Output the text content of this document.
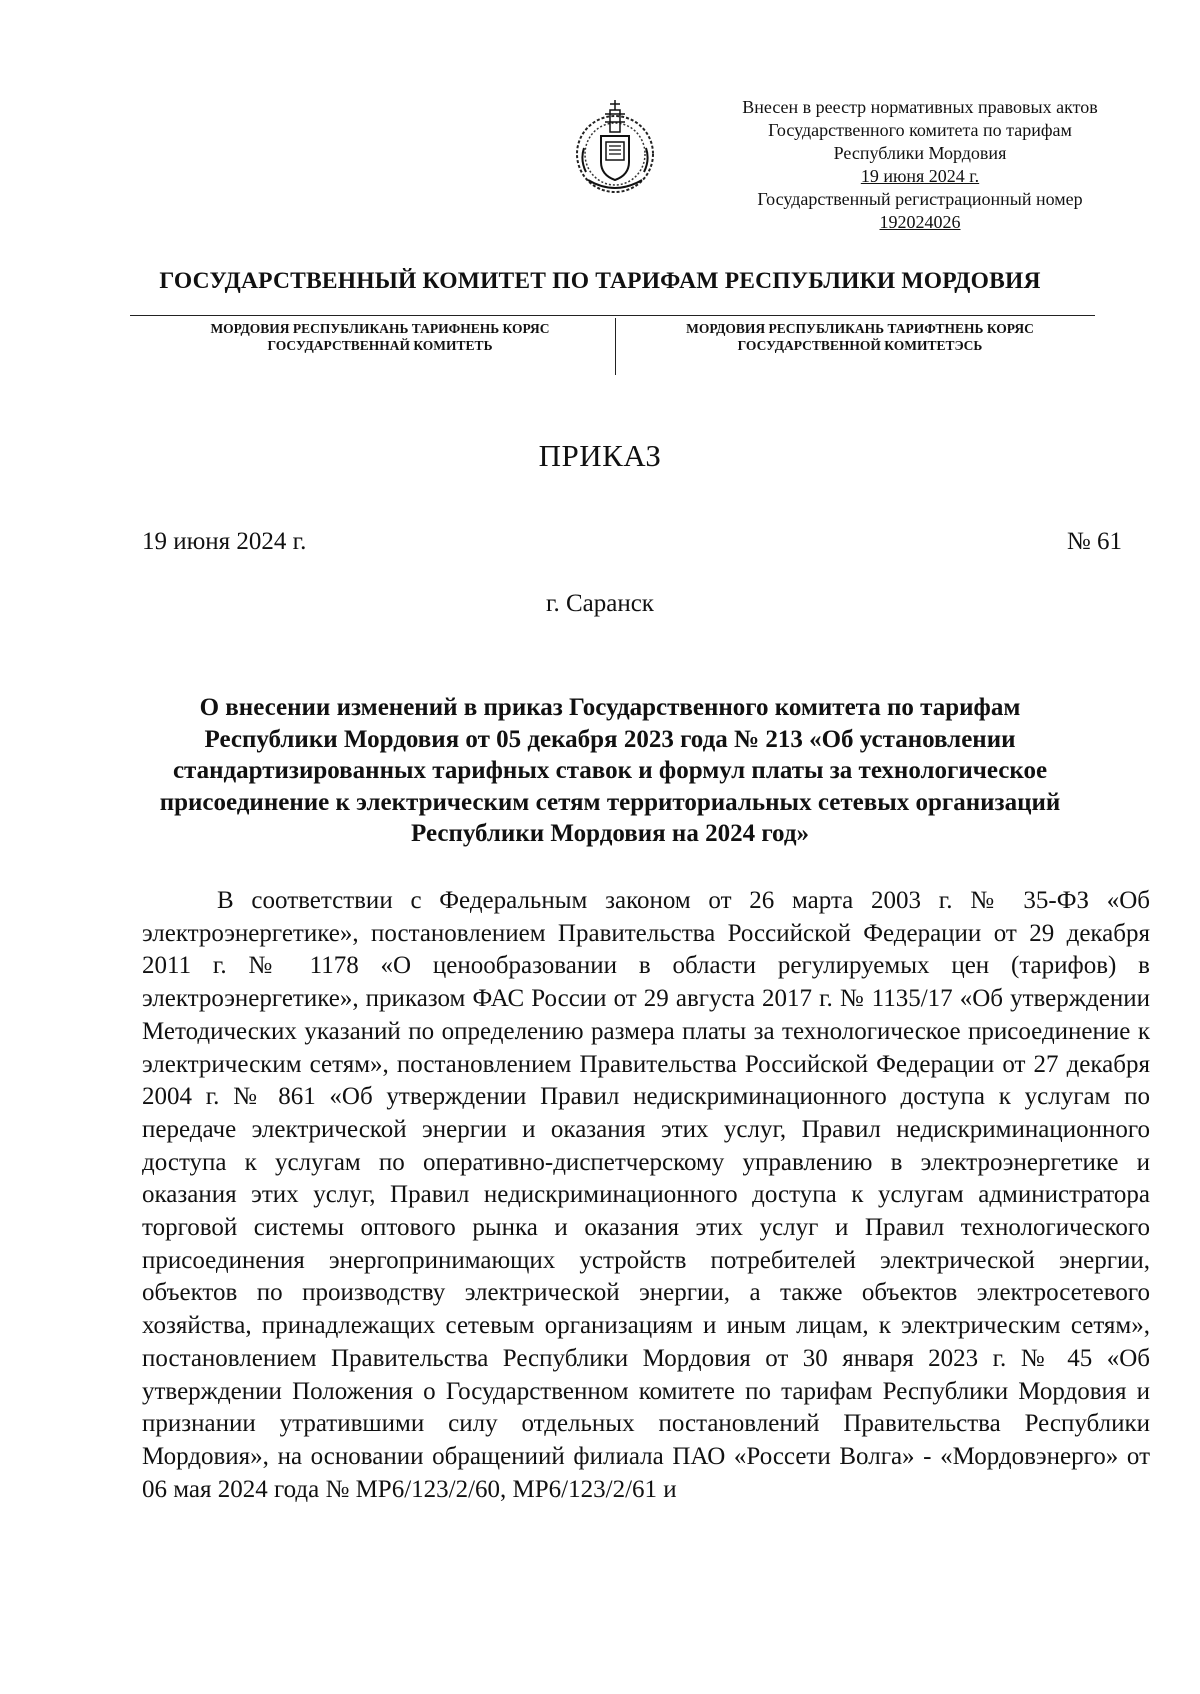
Внесен в реестр нормативных правовых актов
Государственного комитета по тарифам
Республики Мордовия
19 июня 2024 г.
Государственный регистрационный номер
192024026
ГОСУДАРСТВЕННЫЙ КОМИТЕТ ПО ТАРИФАМ РЕСПУБЛИКИ МОРДОВИЯ
МОРДОВИЯ РЕСПУБЛИКАНЬ ТАРИФНЕНЬ КОРЯС
ГОСУДАРСТВЕННАЙ КОМИТЕТЬ
МОРДОВИЯ РЕСПУБЛИКАНЬ ТАРИФТНЕНЬ КОРЯС
ГОСУДАРСТВЕННОЙ КОМИТЕТЭСЬ
ПРИКАЗ
19 июня 2024 г.	№ 61
г. Саранск
О внесении изменений в приказ Государственного комитета по тарифам Республики Мордовия от 05 декабря 2023 года № 213 «Об установлении стандартизированных тарифных ставок и формул платы за технологическое присоединение к электрическим сетям территориальных сетевых организаций Республики Мордовия на 2024 год»

В соответствии с Федеральным законом от 26 марта 2003 г. № 35-ФЗ «Об электроэнергетике», постановлением Правительства Российской Федерации от 29 декабря 2011 г. № 1178 «О ценообразовании в области регулируемых цен (тарифов) в электроэнергетике», приказом ФАС России от 29 августа 2017 г. № 1135/17 «Об утверждении Методических указаний по определению размера платы за технологическое присоединение к электрическим сетям», постановлением Правительства Российской Федерации от 27 декабря 2004 г. № 861 «Об утверждении Правил недискриминационного доступа к услугам по передаче электрической энергии и оказания этих услуг, Правил недискриминационного доступа к услугам по оперативно-диспетчерскому управлению в электроэнергетике и оказания этих услуг, Правил недискриминационного доступа к услугам администратора торговой системы оптового рынка и оказания этих услуг и Правил технологического присоединения энергопринимающих устройств потребителей электрической энергии, объектов по производству электрической энергии, а также объектов электросетевого хозяйства, принадлежащих сетевым организациям и иным лицам, к электрическим сетям», постановлением Правительства Республики Мордовия от 30 января 2023 г. № 45 «Об утверждении Положения о Государственном комитете по тарифам Республики Мордовия и признании утратившими силу отдельных постановлений Правительства Республики Мордовия», на основании обращениий филиала ПАО «Россети Волга» - «Мордовэнерго» от 06 мая 2024 года № МР6/123/2/60, МР6/123/2/61 и
